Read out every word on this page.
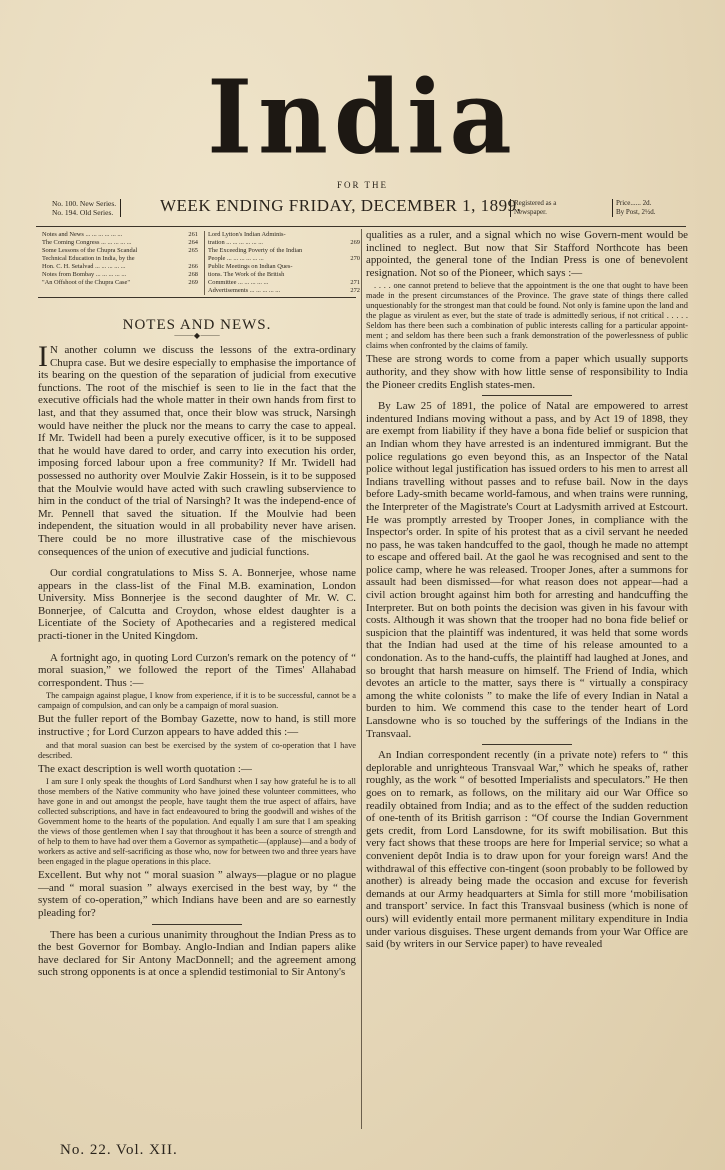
India
FOR THE
No. 100. New Series.
No. 194. Old Series.	WEEK ENDING FRIDAY, DECEMBER 1, 1899.
Registered as a
Newspaper.
Price...... 2d.
By Post, 2½d.
Notes and News ... ... ... ... ... ...	261
The Coming Congress ... ... ... ... ...	264
Some Lessons of the Chupra Scandal	265
Technical Education in India, by the
Hon. C. H. Setalvad ... ... ... ... ...	266
Notes from Bombay ... ... ... ... ...	268
"An Offshoot of the Chupra Case"	269
Lord Lytton's Indian Adminis-
tration ... ... ... ... ... ...	269
The Exceeding Poverty of the Indian
People ... ... ... ... ... ...	270
Public Meetings on Indian Ques-
tions. The Work of the British
Committee ... ... ... ... ...	271
Advertisements ... ... ... ... ...	272
NOTES AND NEWS.
⸻◆⸻

I N another column we discuss the lessons of the extra-ordinary Chupra case. But we desire especially to emphasise the importance of its bearing on the question of the separation of judicial from executive functions. The root of the mischief is seen to lie in the fact that the executive officials had the whole matter in their own hands from first to last, and that they assumed that, once their blow was struck, Narsingh would have neither the pluck nor the means to carry the case to appeal. If Mr. Twidell had been a purely executive officer, is it to be supposed that he would have dared to order, and carry into execution his order, imposing forced labour upon a free community? If Mr. Twidell had possessed no authority over Moulvie Zakir Hossein, is it to be supposed that the Moulvie would have acted with such crawling subservience to him in the conduct of the trial of Narsingh? It was the independ-ence of Mr. Pennell that saved the situation. If the Moulvie had been independent, the situation would in all probability never have arisen. There could be no more illustrative case of the mischievous consequences of the union of executive and judicial functions.

Our cordial congratulations to Miss S. A. Bonnerjee, whose name appears in the class-list of the Final M.B. examination, London University. Miss Bonnerjee is the second daughter of Mr. W. C. Bonnerjee, of Calcutta and Croydon, whose eldest daughter is a Licentiate of the Society of Apothecaries and a registered medical practi-tioner in the United Kingdom.

A fortnight ago, in quoting Lord Curzon's remark on the potency of “ moral suasion,” we followed the report of the Times' Allahabad correspondent. Thus :—

The campaign against plague, I know from experience, if it is to be successful, cannot be a campaign of compulsion, and can only be a campaign of moral suasion.

But the fuller report of the Bombay Gazette, now to hand, is still more instructive ; for Lord Curzon appears to have added this :—

and that moral suasion can best be exercised by the system of co-operation that I have described.

The exact description is well worth quotation :—

I am sure I only speak the thoughts of Lord Sandhurst when I say how grateful he is to all those members of the Native community who have joined these volunteer committees, who have gone in and out amongst the people, have taught them the true aspect of affairs, have collected subscriptions, and have in fact endeavoured to bring the goodwill and wishes of the Government home to the hearts of the population. And equally I am sure that I am speaking the views of those gentlemen when I say that throughout it has been a source of strength and of help to them to have had over them a Governor as sympathetic—(applause)—and a body of workers as active and self-sacrificing as those who, now for between two and three years have been engaged in the plague operations in this place.

Excellent. But why not “ moral suasion ” always—plague or no plague—and “ moral suasion ” always exercised in the best way, by “ the system of co-operation,” which Indians have been and are so earnestly pleading for?

There has been a curious unanimity throughout the Indian Press as to the best Governor for Bombay. Anglo-Indian and Indian papers alike have declared for Sir Antony MacDonnell; and the agreement among such strong opponents is at once a splendid testimonial to Sir Antony's

qualities as a ruler, and a signal which no wise Govern-ment would be inclined to neglect. But now that Sir Stafford Northcote has been appointed, the general tone of the Indian Press is one of benevolent resignation. Not so of the Pioneer, which says :—

. . . . one cannot pretend to believe that the appointment is the one that ought to have been made in the present circumstances of the Province. The grave state of things there called unquestionably for the strongest man that could be found. Not only is famine upon the land and the plague as virulent as ever, but the state of trade is admittedly serious, if not critical . . . . . Seldom has there been such a combination of public interests calling for a particular appoint-ment ; and seldom has there been such a frank demonstration of the powerlessness of public claims when confronted by the claims of family.

These are strong words to come from a paper which usually supports authority, and they show with how little sense of responsibility to India the Pioneer credits English states-men.

By Law 25 of 1891, the police of Natal are empowered to arrest indentured Indians moving without a pass, and by Act 19 of 1898, they are exempt from liability if they have a bona fide belief or suspicion that an Indian whom they have arrested is an indentured immigrant. But the police regulations go even beyond this, as an Inspector of the Natal police without legal justification has issued orders to his men to arrest all Indians travelling without passes and to refuse bail. Now in the days before Lady-smith became world-famous, and when trains were running, the Interpreter of the Magistrate's Court at Ladysmith arrived at Estcourt. He was promptly arrested by Trooper Jones, in compliance with the Inspector's order. In spite of his protest that as a civil servant he needed no pass, he was taken handcuffed to the gaol, though he made no attempt to escape and offered bail. At the gaol he was recognised and sent to the police camp, where he was released. Trooper Jones, after a summons for assault had been dismissed—for what reason does not appear—had a civil action brought against him both for arresting and handcuffing the Interpreter. But on both points the decision was given in his favour with costs. Although it was shown that the trooper had no bona fide belief or suspicion that the plaintiff was indentured, it was held that some words that the Indian had used at the time of his release amounted to a condonation. As to the hand-cuffs, the plaintiff had laughed at Jones, and so brought that harsh measure on himself. The Friend of India, which devotes an article to the matter, says there is “ virtually a conspiracy among the white colonists ” to make the life of every Indian in Natal a burden to him. We commend this case to the tender heart of Lord Lansdowne who is so touched by the sufferings of the Indians in the Transvaal.

An Indian correspondent recently (in a private note) refers to “ this deplorable and unrighteous Transvaal War,” which he speaks of, rather roughly, as the work “ of besotted Imperialists and speculators.” He then goes on to remark, as follows, on the military aid our War Office so readily obtained from India; and as to the effect of the sudden reduction of one-tenth of its British garrison : “Of course the Indian Government gets credit, from Lord Lansdowne, for its swift mobilisation. But this very fact shows that these troops are here for Imperial service; so what a convenient depôt India is to draw upon for your foreign wars! And the withdrawal of this effective con-tingent (soon probably to be followed by another) is already being made the occasion and excuse for feverish demands at our Army headquarters at Simla for still more ‘mobilisation and transport’ service. In fact this Transvaal business (which is none of ours) will evidently entail more permanent military expenditure in India under various disguises. These urgent demands from your War Office are said (by writers in our Service paper) to have revealed

No. 22. Vol. XII.
